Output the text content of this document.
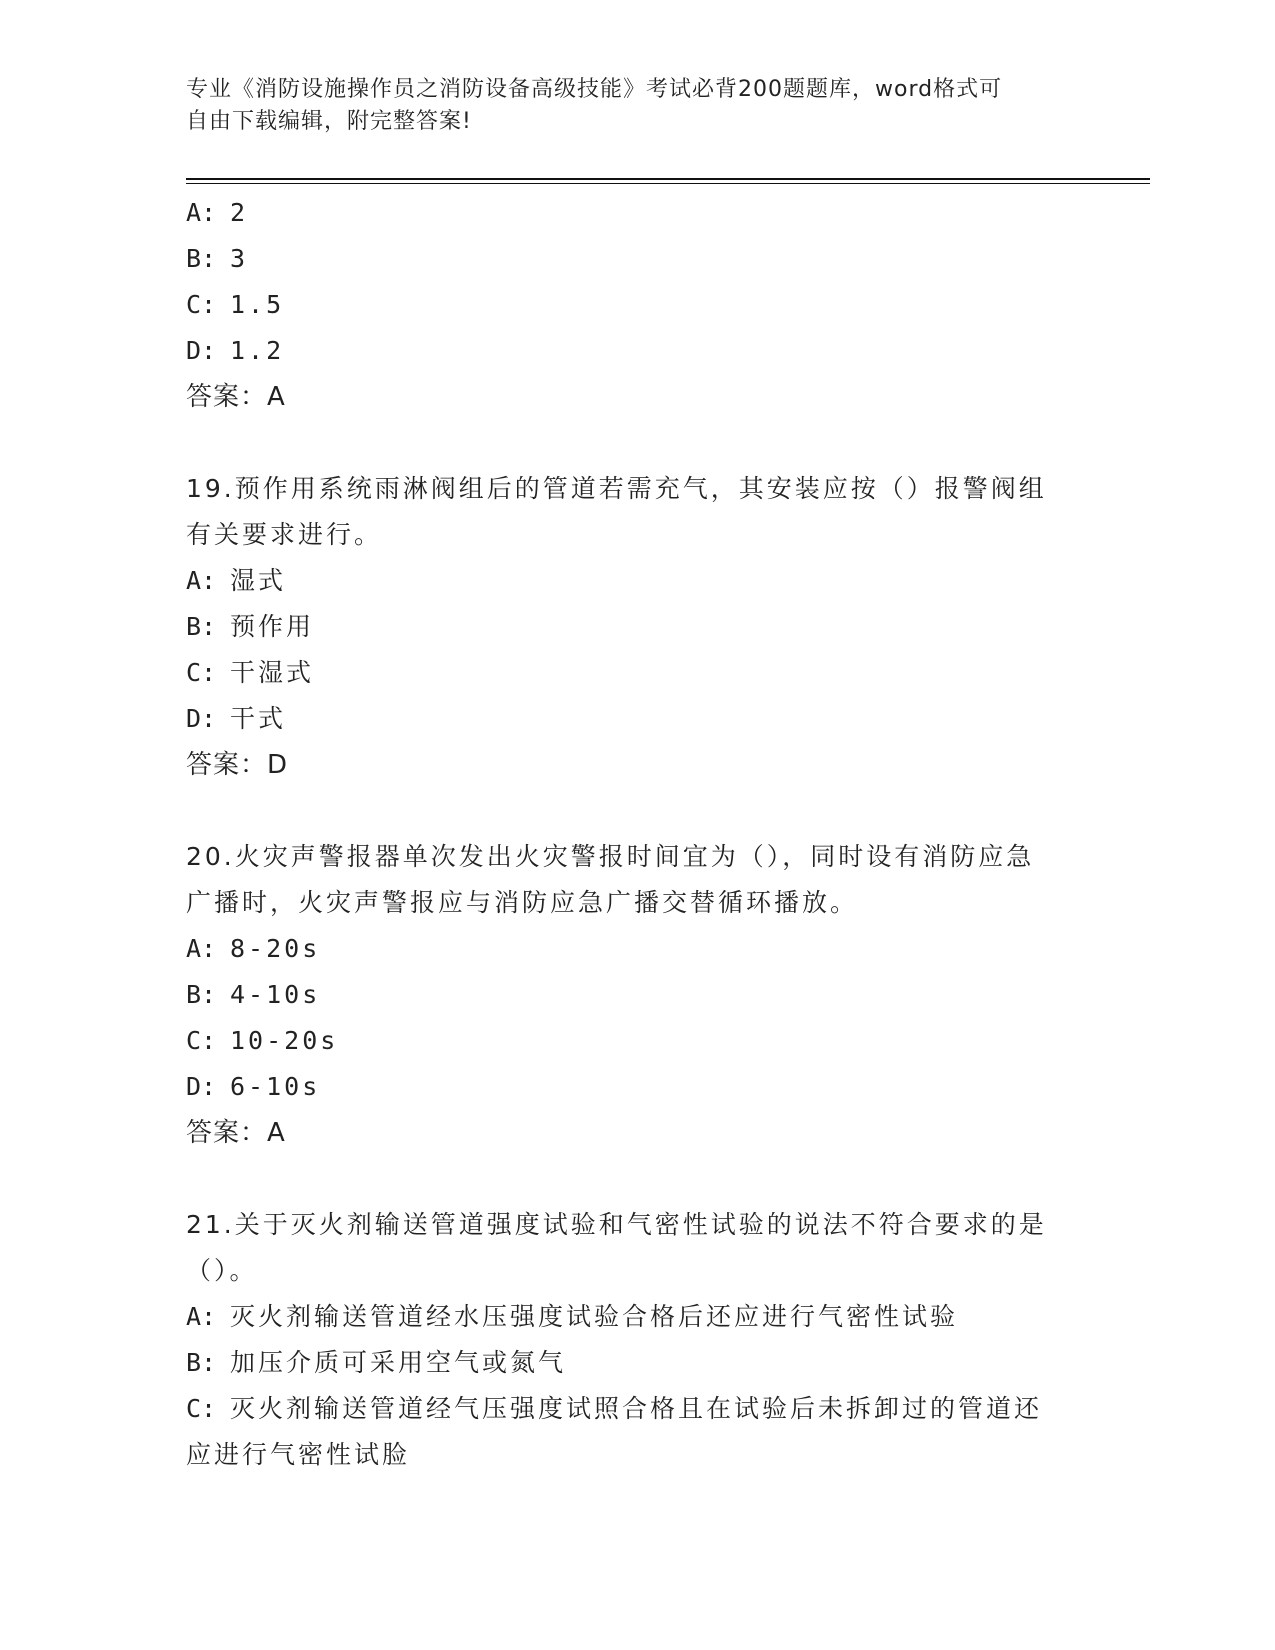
专业《消防设施操作员之消防设备高级技能》考试必背200题题库，word格式可
自由下载编辑，附完整答案!
A: 2
B: 3
C: 1.5
D: 1.2
答案：A
19.预作用系统雨淋阀组后的管道若需充气，其安装应按（）报警阀组
有关要求进行。
A: 湿式
B: 预作用
C: 干湿式
D: 干式
答案：D
20.火灾声警报器单次发出火灾警报时间宜为（），同时设有消防应急
广播时，火灾声警报应与消防应急广播交替循环播放。
A: 8-20s
B: 4-10s
C: 10-20s
D: 6-10s
答案：A
21.关于灭火剂输送管道强度试验和气密性试验的说法不符合要求的是
（）。
A: 灭火剂输送管道经水压强度试验合格后还应进行气密性试验
B: 加压介质可采用空气或氮气
C: 灭火剂输送管道经气压强度试照合格且在试验后未拆卸过的管道还
应进行气密性试脸
